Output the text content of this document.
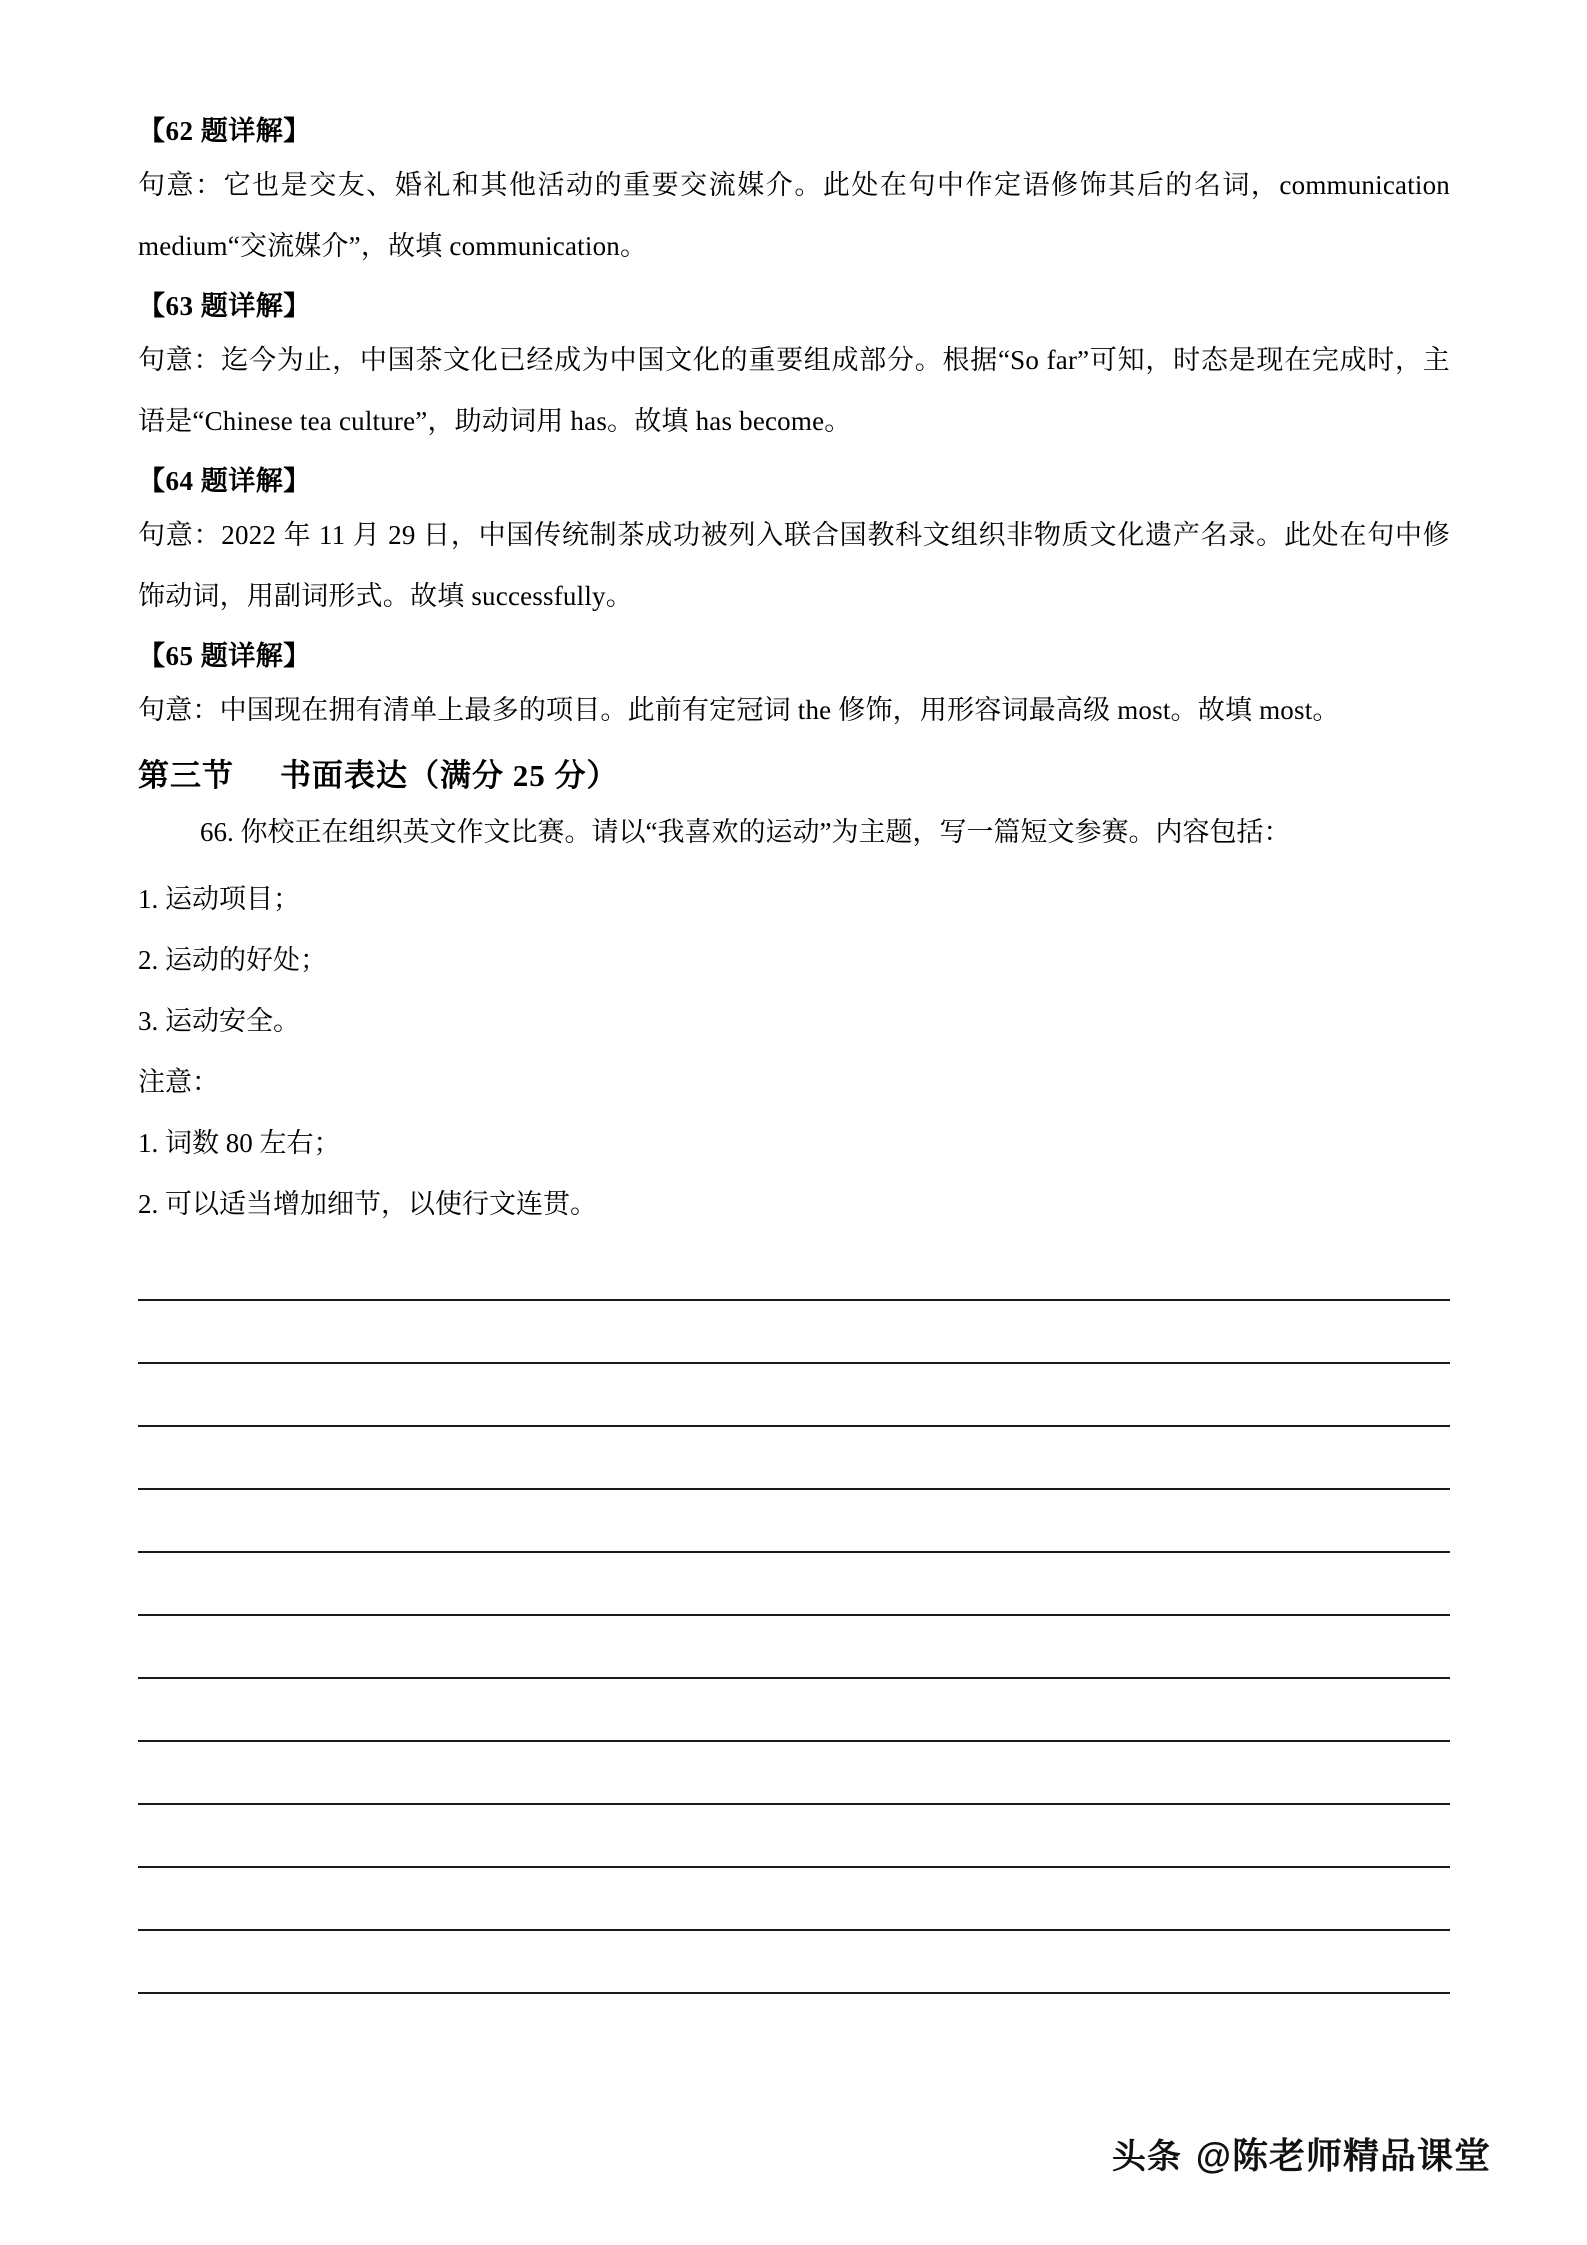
【62 题详解】
句意：它也是交友、婚礼和其他活动的重要交流媒介。此处在句中作定语修饰其后的名词，communication medium“交流媒介”，故填 communication。
【63 题详解】
句意：迄今为止，中国茶文化已经成为中国文化的重要组成部分。根据“So far”可知，时态是现在完成时，主语是“Chinese tea culture”，助动词用 has。故填 has become。
【64 题详解】
句意：2022 年 11 月 29 日，中国传统制茶成功被列入联合国教科文组织非物质文化遗产名录。此处在句中修饰动词，用副词形式。故填 successfully。
【65 题详解】
句意：中国现在拥有清单上最多的项目。此前有定冠词 the 修饰，用形容词最高级 most。故填 most。
第三节 书面表达（满分 25 分）
66. 你校正在组织英文作文比赛。请以“我喜欢的运动”为主题，写一篇短文参赛。内容包括：
1. 运动项目；
2. 运动的好处；
3. 运动安全。
注意：
1. 词数 80 左右；
2. 可以适当增加细节，以使行文连贯。
头条 @陈老师精品课堂
